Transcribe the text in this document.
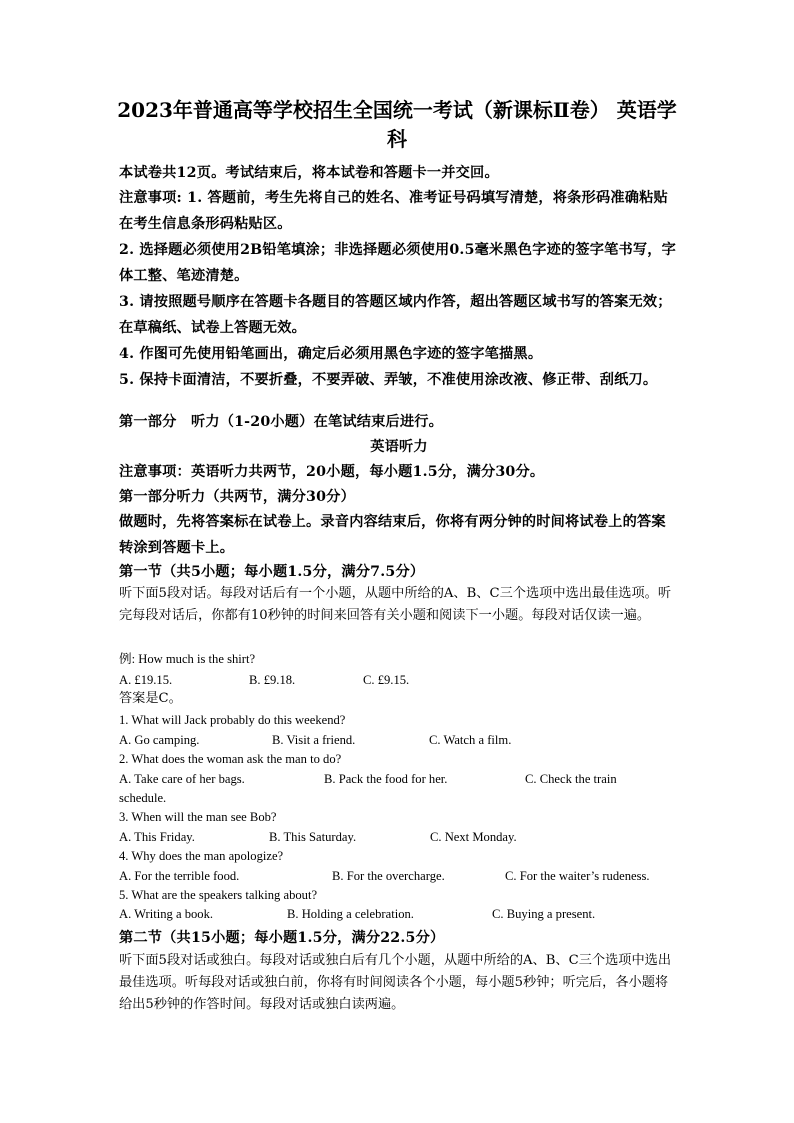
2023年普通高等学校招生全国统一考试（新课标Ⅱ卷） 英语学科
本试卷共12页。考试结束后，将本试卷和答题卡一并交回。

注意事项: 1. 答题前，考生先将自己的姓名、准考证号码填写清楚，将条形码准确粘贴在考生信息条形码粘贴区。

2. 选择题必须使用2B铅笔填涂；非选择题必须使用0.5毫米黑色字迹的签字笔书写，字体工整、笔迹清楚。

3. 请按照题号顺序在答题卡各题目的答题区域内作答，超出答题区域书写的答案无效；在草稿纸、试卷上答题无效。

4. 作图可先使用铅笔画出，确定后必须用黑色字迹的签字笔描黑。

5. 保持卡面清洁，不要折叠，不要弄破、弄皱，不准使用涂改液、修正带、刮纸刀。

第一部分　听力（1-20小题）在笔试结束后进行。
英语听力
注意事项：英语听力共两节，20小题，每小题1.5分，满分30分。
第一部分听力（共两节，满分30分）
做题时，先将答案标在试卷上。录音内容结束后，你将有两分钟的时间将试卷上的答案转涂到答题卡上。
第一节（共5小题；每小题1.5分，满分7.5分）
听下面5段对话。每段对话后有一个小题，从题中所给的A、B、C三个选项中选出最佳选项。听完每段对话后，你都有10秒钟的时间来回答有关小题和阅读下一小题。每段对话仅读一遍。
例: How much is the shirt?
A. £19.15.	B. £9.18.	C. £9.15.
答案是C。
1. What will Jack probably do this weekend?
A. Go camping.	B. Visit a friend.	C. Watch a film.
2. What does the woman ask the man to do?
A. Take care of her bags.	B. Pack the food for her.	C. Check the train
schedule.
3. When will the man see Bob?
A. This Friday.	B. This Saturday.	C. Next Monday.
4. Why does the man apologize?
A. For the terrible food.	B. For the overcharge.	C. For the waiter’s rudeness.
5. What are the speakers talking about?
A. Writing a book.	B. Holding a celebration.	C. Buying a present.
第二节（共15小题；每小题1.5分，满分22.5分）
听下面5段对话或独白。每段对话或独白后有几个小题，从题中所给的A、B、C三个选项中选出最佳选项。听每段对话或独白前，你将有时间阅读各个小题，每小题5秒钟；听完后，各小题将给出5秒钟的作答时间。每段对话或独白读两遍。
